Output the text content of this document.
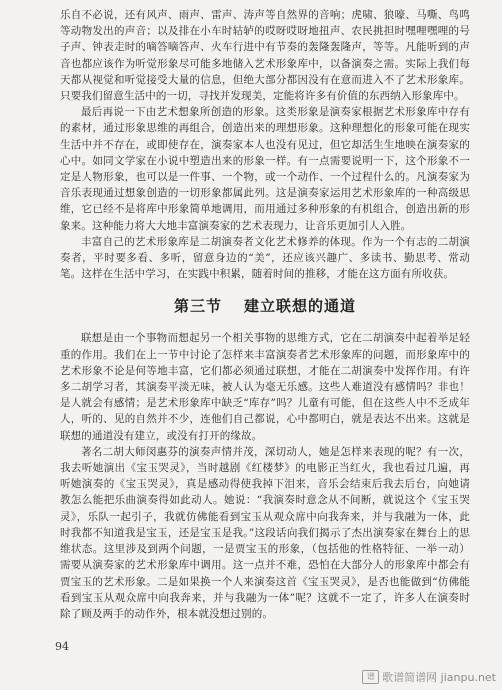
乐自不必说，还有风声、雨声、雷声、涛声等自然界的音响；虎啸、狼嚎、马嘶、鸟鸣等动物发出的声音；以及排在小车时轱轳的哎呀哎呀地扭声、农民挑担时嘿哩嘿哩的号子声、钟表走时的嘀答嘀答声、火车行进中有节奏的轰隆轰隆声，等等。凡能听到的声音也都应该作为听觉形象尽可能多地储入艺术形象库中，以备演奏之需。实际上我们每天都从视觉和听觉接受大量的信息，但绝大部分都因没有在意而进入不了艺术形象库。只要我们留意生活中的一切，寻找并发现美，定能将许多有价值的东西纳入形象库中。

最后再说一下由艺术想象所创造的形象。这类形象是演奏家根据艺术形象库中存有的素材，通过形象思维的再组合，创造出来的理想形象。这种理想化的形象可能在现实生活中并不存在，或即使存在，演奏家本人也没有见过，但它却活生生地映在演奏家的心中。如同文学家在小说中塑造出来的形象一样。有一点需要说明一下，这个形象不一定是人物形象，也可以是一件事、一个物，或一个动作、一个过程什么的。凡演奏家为音乐表现通过想象创造的一切形象都属此列。这是演奏家运用艺术形象库的一种高级思维，它已经不是将库中形象简单地调用，而用通过多种形象的有机组合，创造出新的形象来。这种能力将大大地丰富演奏家的艺术表现力，让音乐更加引人入胜。

丰富自己的艺术形象库是二胡演奏者文化艺术修养的体现。作为一个有志的二胡演奏者，平时要多看、多听，留意身边的“美”，还应该兴趣广、多读书、勤思考、常动笔。这样在生活中学习，在实践中积累，随着时间的推移，才能在这方面有所收获。

第三节 建立联想的通道

联想是由一个事物而想起另一个相关事物的思维方式，它在二胡演奏中起着举足轻重的作用。我们在上一节中讨论了怎样来丰富演奏者艺术形象库的问题，而形象库中的艺术形象不论是何等地丰富，它们都必须通过联想，才能在二胡演奏中发挥作用。有许多二胡学习者，其演奏平淡无味，被人认为毫无乐感。这些人难道没有感情吗？非也！是人就会有感情；是艺术形象库中缺乏“库存”吗？儿童有可能，但在这些人中不乏成年人，听的、见的自然并不少，连他们自己都说，心中都明白，就是表达不出来。这就是联想的通道没有建立，或没有打开的缘故。

著名二胡大师闵惠芬的演奏声情并茂，深切动人，她是怎样来表现的呢？有一次，我去听她演出《宝玉哭灵》，当时越剧《红楼梦》的电影正当红火，我也看过几遍，再听她演奏的《宝玉哭灵》，真是感动得使我掉下泪来，音乐会结束后我去后台，向她请教怎么能把乐曲演奏得如此动人。她说：“我演奏时意念从不间断，就说这个《宝玉哭灵》，乐队一起引子，我就仿佛能看到宝玉从观众席中向我奔来，并与我融为一体，此时我都不知道我是宝玉，还是宝玉是我。”这段话向我们揭示了杰出演奏家在舞台上的思维状态。这里涉及到两个问题，一是贾宝玉的形象，（包括他的性格特征、一举一动）需要从演奏家的艺术形象库中调用。这一点并不难，恐怕在大部分人的形象库中都会有贾宝玉的艺术形象。二是如果换一个人来演奏这首《宝玉哭灵》，是否也能做到“仿佛能看到宝玉从观众席中向我奔来，并与我融为一体”呢？这就不一定了，许多人在演奏时除了顾及两手的动作外，根本就没想过别的。

94
谱 歌谱简谱网 jianpu.net
